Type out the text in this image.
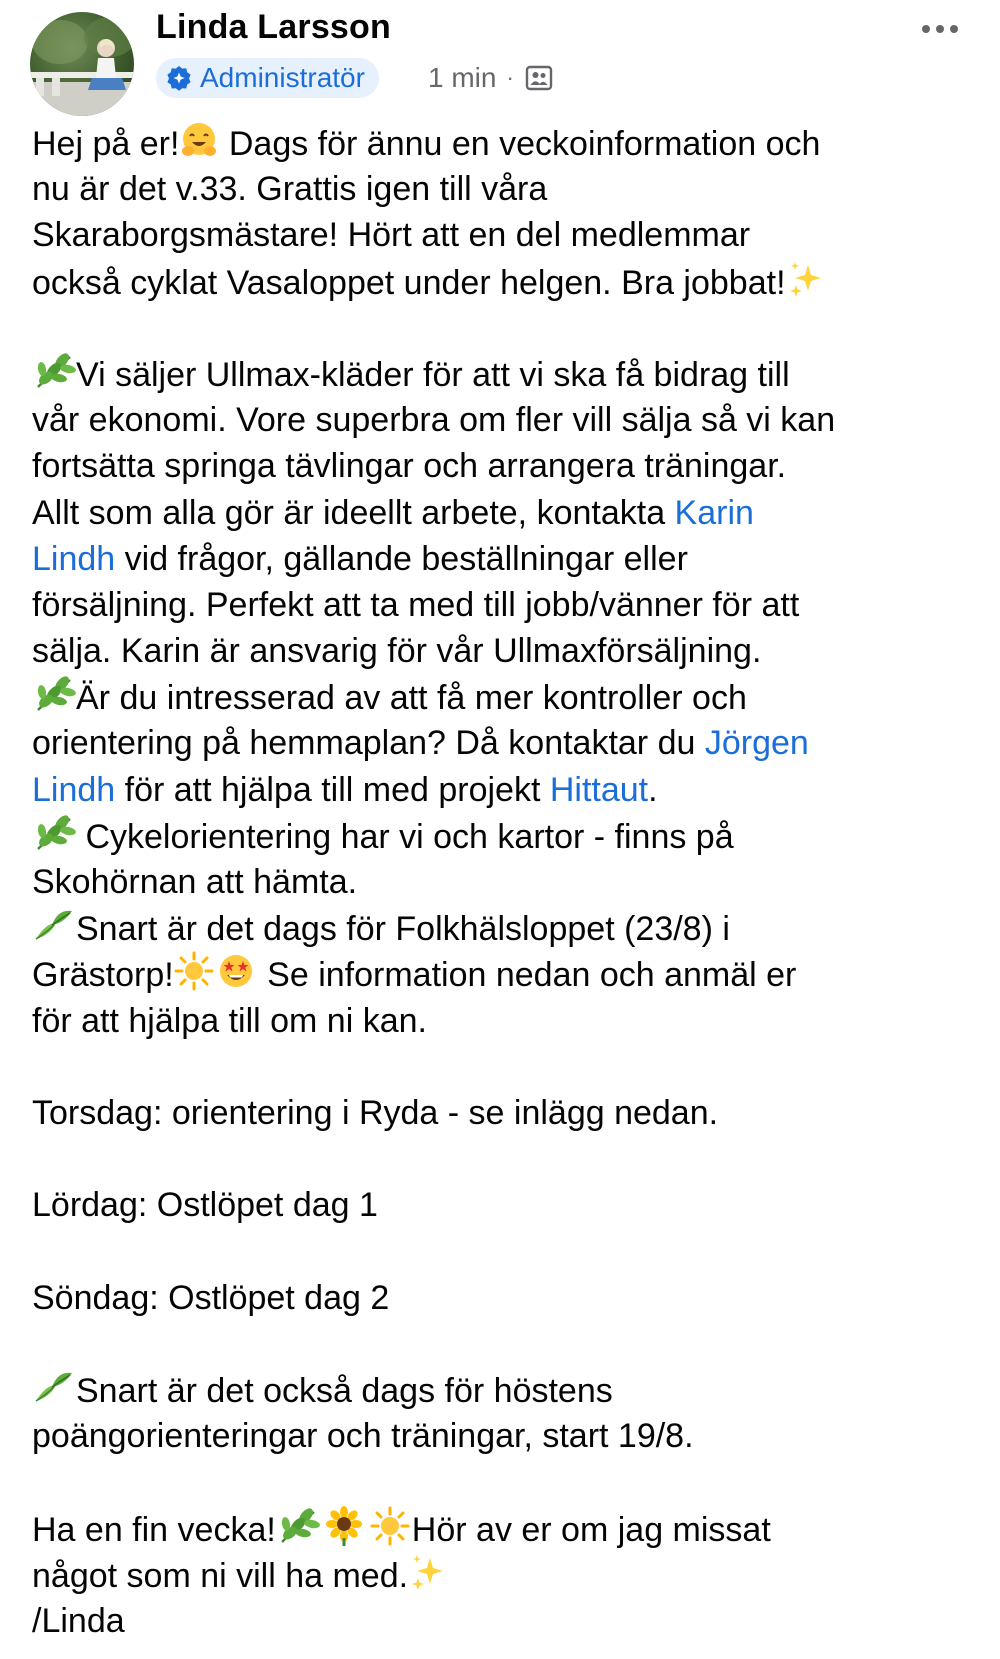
Linda Larsson
Administratör 1 min ·
Hej på er!
Dags för ännu en veckoinformation och
nu är det v.33. Grattis igen till våra
Skaraborgsmästare! Hört att en del medlemmar
också cyklat Vasaloppet under helgen. Bra jobbat!
Vi säljer Ullmax-kläder för att vi ska få bidrag till
vår ekonomi. Vore superbra om fler vill sälja så vi kan
fortsätta springa tävlingar och arrangera träningar.
Allt som alla gör är ideellt arbete, kontakta Karin
Lindh vid frågor, gällande beställningar eller
försäljning. Perfekt att ta med till jobb/vänner för att
sälja. Karin är ansvarig för vår Ullmaxförsäljning.
Är du intresserad av att få mer kontroller och
orientering på hemmaplan? Då kontaktar du Jörgen
Lindh för att hjälpa till med projekt Hittaut.
Cykelorientering har vi och kartor - finns på
Skohörnan att hämta.
Snart är det dags för Folkhälsloppet (23/8) i
Grästorp!
Se information nedan och anmäl er
för att hjälpa till om ni kan.
Torsdag: orientering i Ryda - se inlägg nedan.
Lördag: Ostlöpet dag 1
Söndag: Ostlöpet dag 2
Snart är det också dags för höstens
poängorienteringar och träningar, start 19/8.
Ha en fin vecka!	Hör av er om jag missat
något som ni vill ha med.
/Linda
